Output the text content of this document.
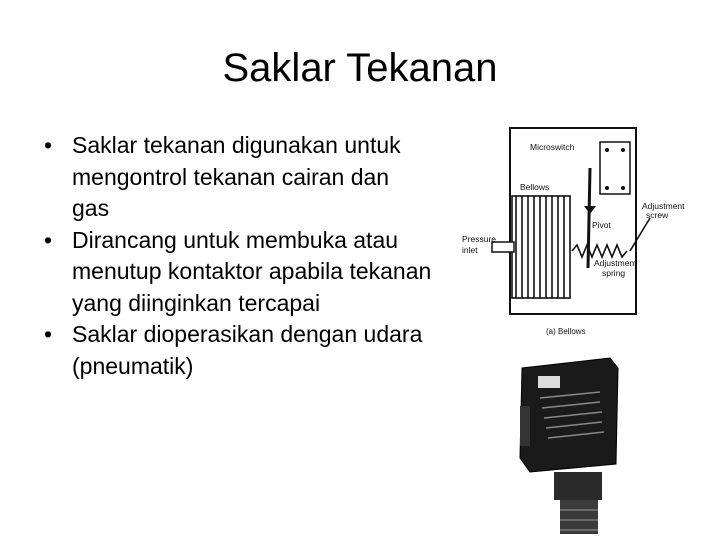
Saklar Tekanan
• Saklar tekanan digunakan untuk mengontrol tekanan cairan dan gas
• Dirancang untuk membuka atau menutup kontaktor apabila tekanan yang diinginkan tercapai
• Saklar dioperasikan dengan udara (pneumatik)
Microswitch
Bellows
Pivot
Pressure
inlet
Adjustment
screw
Adjustment
spring
(a) Bellows
